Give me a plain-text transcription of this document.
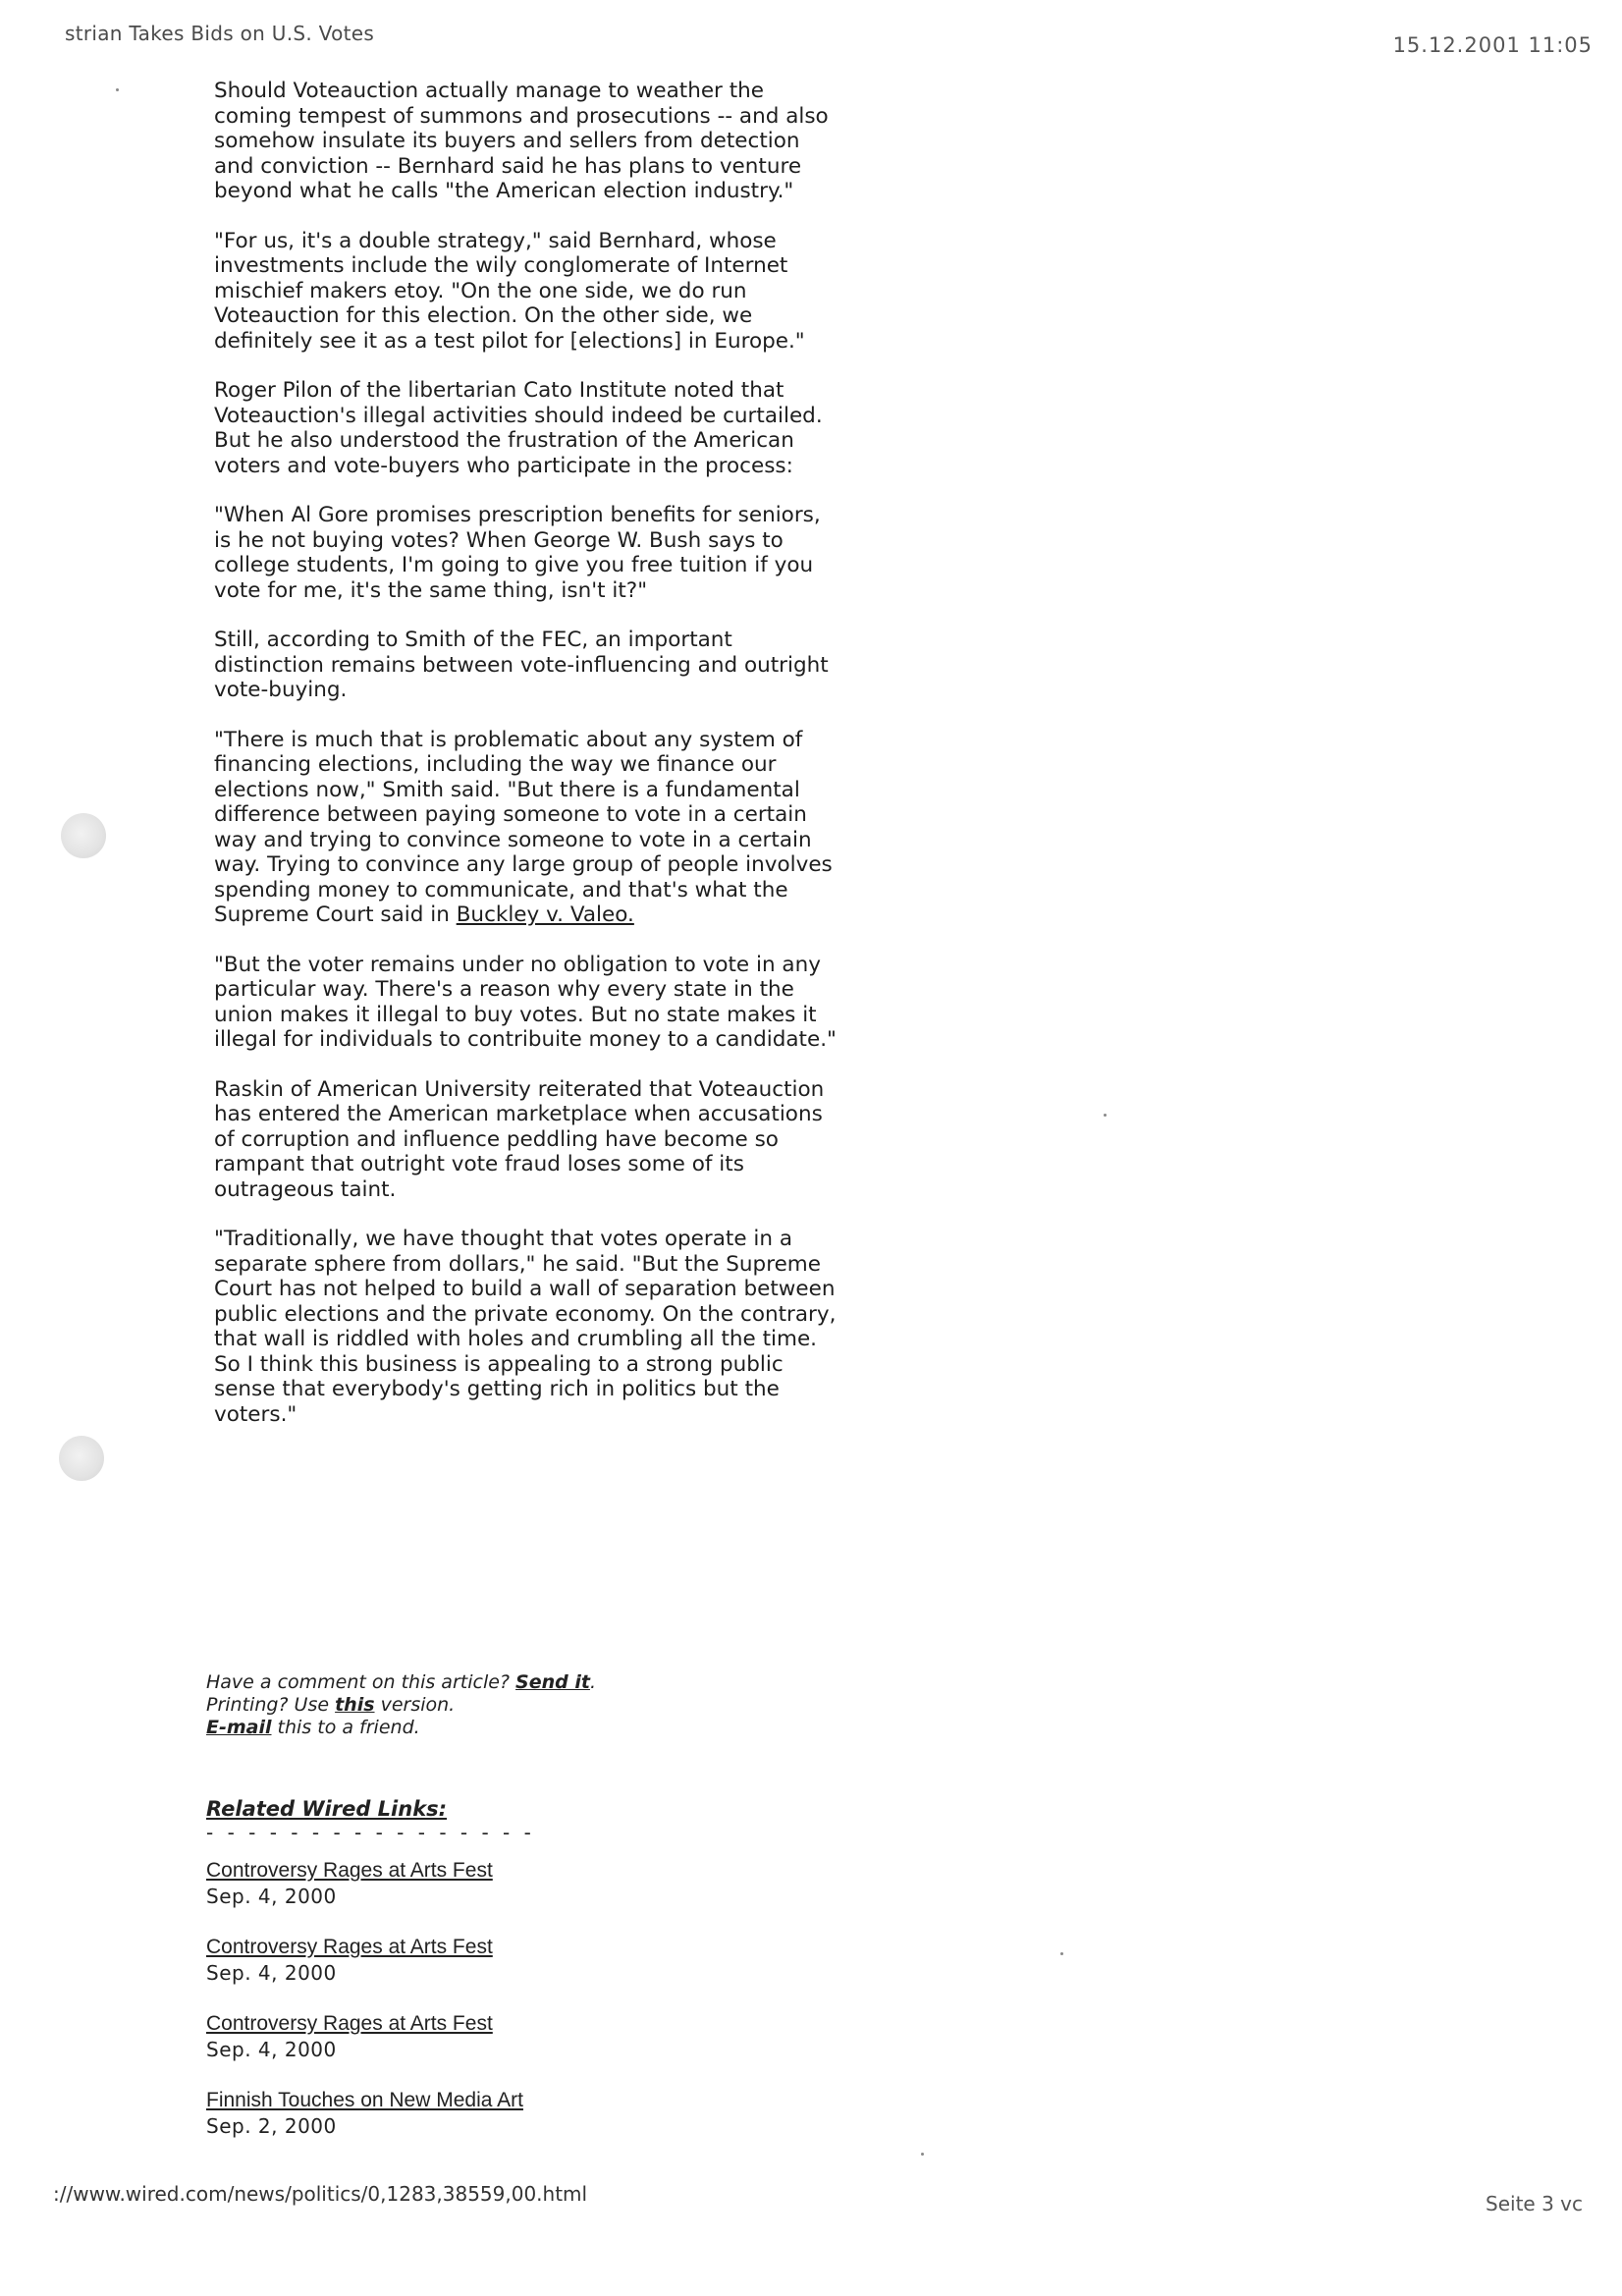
strian Takes Bids on U.S. Votes	15.12.2001 11:05

Should Voteauction actually manage to weather the coming tempest of summons and prosecutions -- and also somehow insulate its buyers and sellers from detection and conviction -- Bernhard said he has plans to venture beyond what he calls "the American election industry."

"For us, it's a double strategy," said Bernhard, whose investments include the wily conglomerate of Internet mischief makers etoy. "On the one side, we do run Voteauction for this election. On the other side, we definitely see it as a test pilot for [elections] in Europe."

Roger Pilon of the libertarian Cato Institute noted that Voteauction's illegal activities should indeed be curtailed. But he also understood the frustration of the American voters and vote-buyers who participate in the process:

"When Al Gore promises prescription benefits for seniors, is he not buying votes? When George W. Bush says to college students, I'm going to give you free tuition if you vote for me, it's the same thing, isn't it?"

Still, according to Smith of the FEC, an important distinction remains between vote-influencing and outright vote-buying.

"There is much that is problematic about any system of financing elections, including the way we finance our elections now," Smith said. "But there is a fundamental difference between paying someone to vote in a certain way and trying to convince someone to vote in a certain way. Trying to convince any large group of people involves spending money to communicate, and that's what the Supreme Court said in Buckley v. Valeo.

"But the voter remains under no obligation to vote in any particular way. There's a reason why every state in the union makes it illegal to buy votes. But no state makes it illegal for individuals to contribuite money to a candidate."

Raskin of American University reiterated that Voteauction has entered the American marketplace when accusations of corruption and influence peddling have become so rampant that outright vote fraud loses some of its outrageous taint.

"Traditionally, we have thought that votes operate in a separate sphere from dollars," he said. "But the Supreme Court has not helped to build a wall of separation between public elections and the private economy. On the contrary, that wall is riddled with holes and crumbling all the time. So I think this business is appealing to a strong public sense that everybody's getting rich in politics but the voters."

Have a comment on this article? Send it.
Printing? Use this version.
E-mail this to a friend.
Related Wired Links:
- - - - - - - - - - - - - - - -
Controversy Rages at Arts Fest
Sep. 4, 2000
Controversy Rages at Arts Fest
Sep. 4, 2000
Controversy Rages at Arts Fest
Sep. 4, 2000
Finnish Touches on New Media Art
Sep. 2, 2000
://www.wired.com/news/politics/0,1283,38559,00.html	Seite 3 vc
